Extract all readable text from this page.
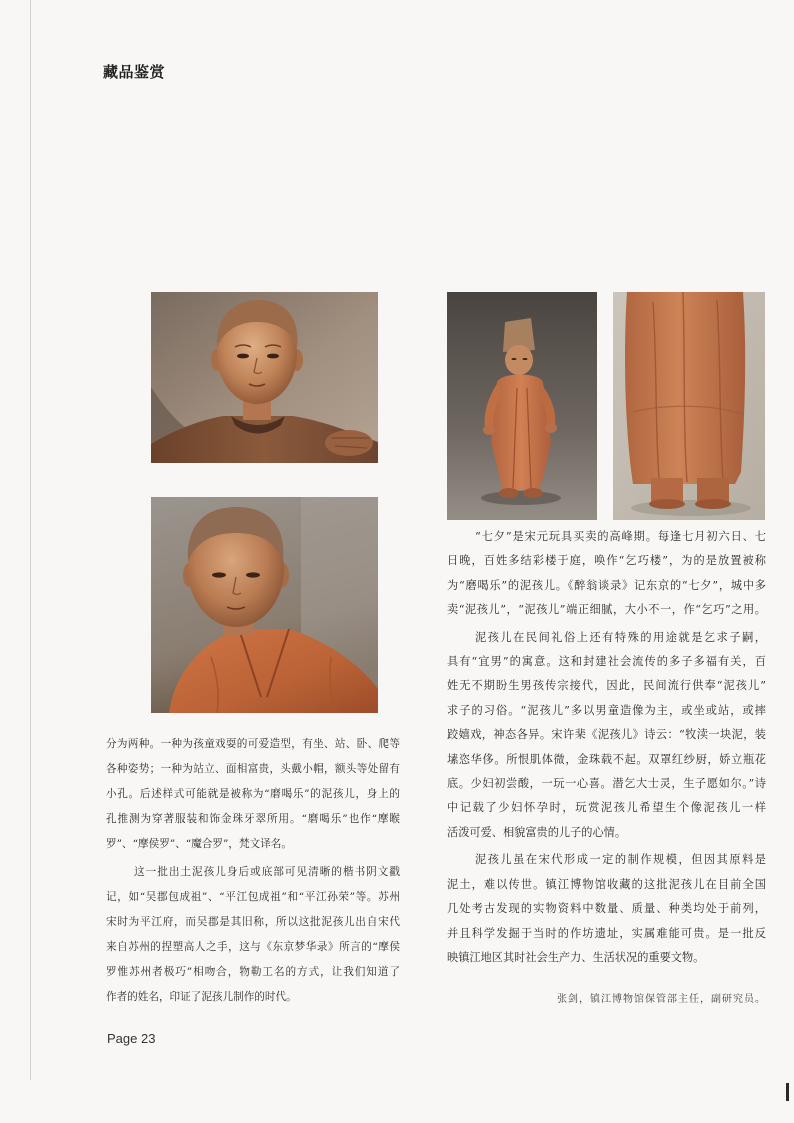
藏品鉴赏
“七夕”是宋元玩具买卖的高峰期。每逢七月初六日、七
日晚，百姓多结彩楼于庭，唤作“乞巧楼”，为的是放置被称
为“磨喝乐”的泥孩儿。《醉翁谈录》记东京的“七夕”，城中多
卖“泥孩儿”，“泥孩儿”端正细腻，大小不一，作“乞巧”之用。
泥孩儿在民间礼俗上还有特殊的用途就是乞求子嗣，
具有“宜男”的寓意。这和封建社会流传的多子多福有关，百
姓无不期盼生男孩传宗接代，因此，民间流行供奉“泥孩儿”
求子的习俗。“泥孩儿”多以男童造像为主，或坐或站，或摔
跤嬉戏，神态各异。宋许棐《泥孩儿》诗云：“牧渎一块泥，装
塐恣华侈。所恨肌体微，金珠载不起。双罩红纱厨，娇立瓶花
底。少妇初尝酸，一玩一心喜。潜乞大士灵，生子愿如尔。”诗
中记载了少妇怀孕时，玩赏泥孩儿希望生个像泥孩儿一样
活泼可爱、相貌富贵的儿子的心情。
泥孩儿虽在宋代形成一定的制作规模，但因其原料是
泥土，难以传世。镇江博物馆收藏的这批泥孩儿在目前全国
几处考古发现的实物资料中数量、质量、种类均处于前列，
并且科学发掘于当时的作坊遗址，实属难能可贵。是一批反
映镇江地区其时社会生产力、生活状况的重要文物。
分为两种。一种为孩童戏耍的可爱造型，有坐、站、卧、爬等
各种姿势；一种为站立、面相富贵，头戴小帽，额头等处留有
小孔。后述样式可能就是被称为“磨喝乐”的泥孩儿，身上的
孔推测为穿著服装和饰金珠牙翠所用。“磨喝乐”也作“摩睺
罗”、“摩侯罗”、“魔合罗”，梵文译名。
这一批出土泥孩儿身后或底部可见清晰的楷书阴文戳
记，如“吴郡包成祖”、“平江包成祖”和“平江孙荣”等。苏州
宋时为平江府，而吴郡是其旧称，所以这批泥孩儿出自宋代
来自苏州的捏塑高人之手，这与《东京梦华录》所言的“摩侯
罗惟苏州者极巧”相吻合，物勒工名的方式，让我们知道了
作者的姓名，印证了泥孩儿制作的时代。	张剑，镇江博物馆保管部主任，副研究员。
Page 23
